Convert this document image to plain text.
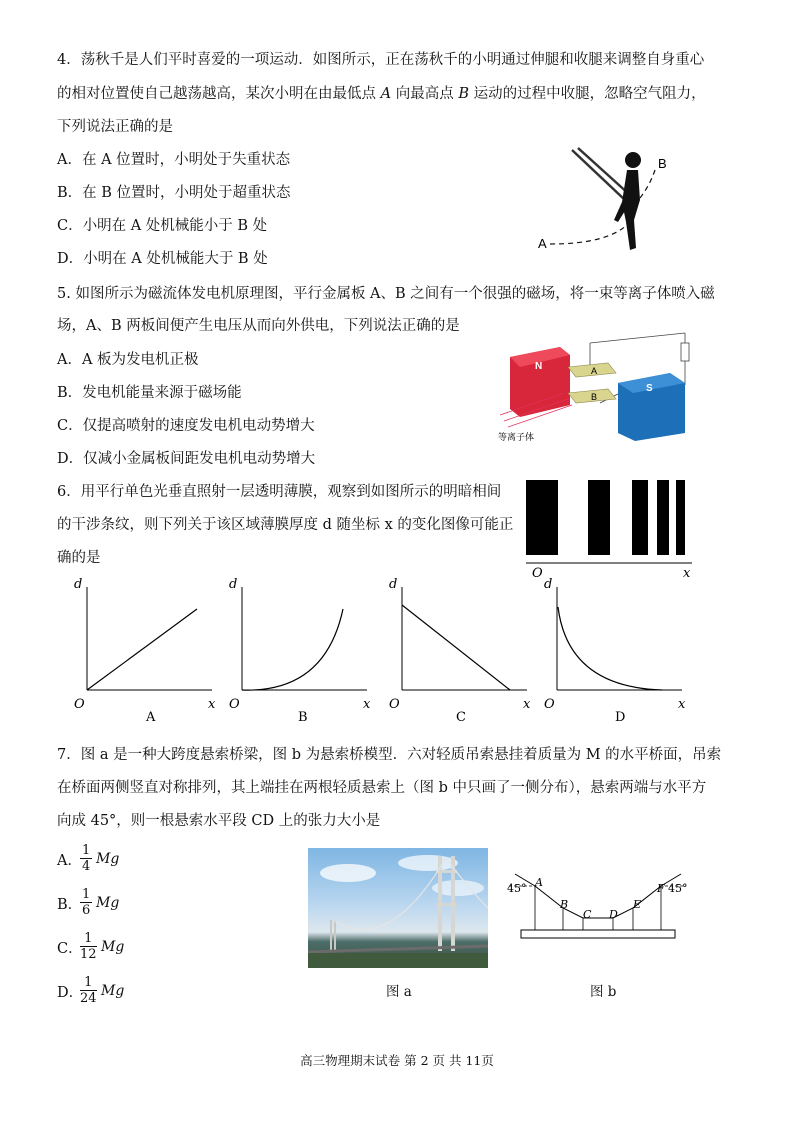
4．荡秋千是人们平时喜爱的一项运动．如图所示，正在荡秋千的小明通过伸腿和收腿来调整自身重心
的相对位置使自己越荡越高，某次小明在由最低点 A 向最高点 B 运动的过程中收腿，忽略空气阻力，
下列说法正确的是
A．在 A 位置时，小明处于失重状态
B．在 B 位置时，小明处于超重状态
C．小明在 A 处机械能小于 B 处
D．小明在 A 处机械能大于 B 处
A
B
5. 如图所示为磁流体发电机原理图，平行金属板 A、B 之间有一个很强的磁场，将一束等离子体喷入磁
场，A、B 两板间便产生电压从而向外供电，下列说法正确的是
A．A 板为发电机正极
B．发电机能量来源于磁场能
C．仅提高喷射的速度发电机电动势增大
D．仅减小金属板间距发电机电动势增大
N	A
B
S
等离子体
6．用平行单色光垂直照射一层透明薄膜，观察到如图所示的明暗相间
的干涉条纹，则下列关于该区域薄膜厚度 d 随坐标 x 的变化图像可能正
确的是
O	x
d
O	x
A
d
O	x
B
d
O	x
C
d
O	x
D
7．图 a 是一种大跨度悬索桥梁，图 b 为悬索桥模型．六对轻质吊索悬挂着质量为 M 的水平桥面，吊索
在桥面两侧竖直对称排列，其上端挂在两根轻质悬索上（图 b 中只画了一侧分布），悬索两端与水平方
向成 45°，则一根悬索水平段 CD 上的张力大小是
A．
$\frac{1}{4}$ Mg
B．
$\frac{1}{6}$ Mg
C．
$\frac{1}{12}$ Mg
D．
$\frac{1}{24}$ Mg	图 a
45°	45°
A
B
C D
E
F
图 b
高三物理期末试卷 第 2 页 共 11页
